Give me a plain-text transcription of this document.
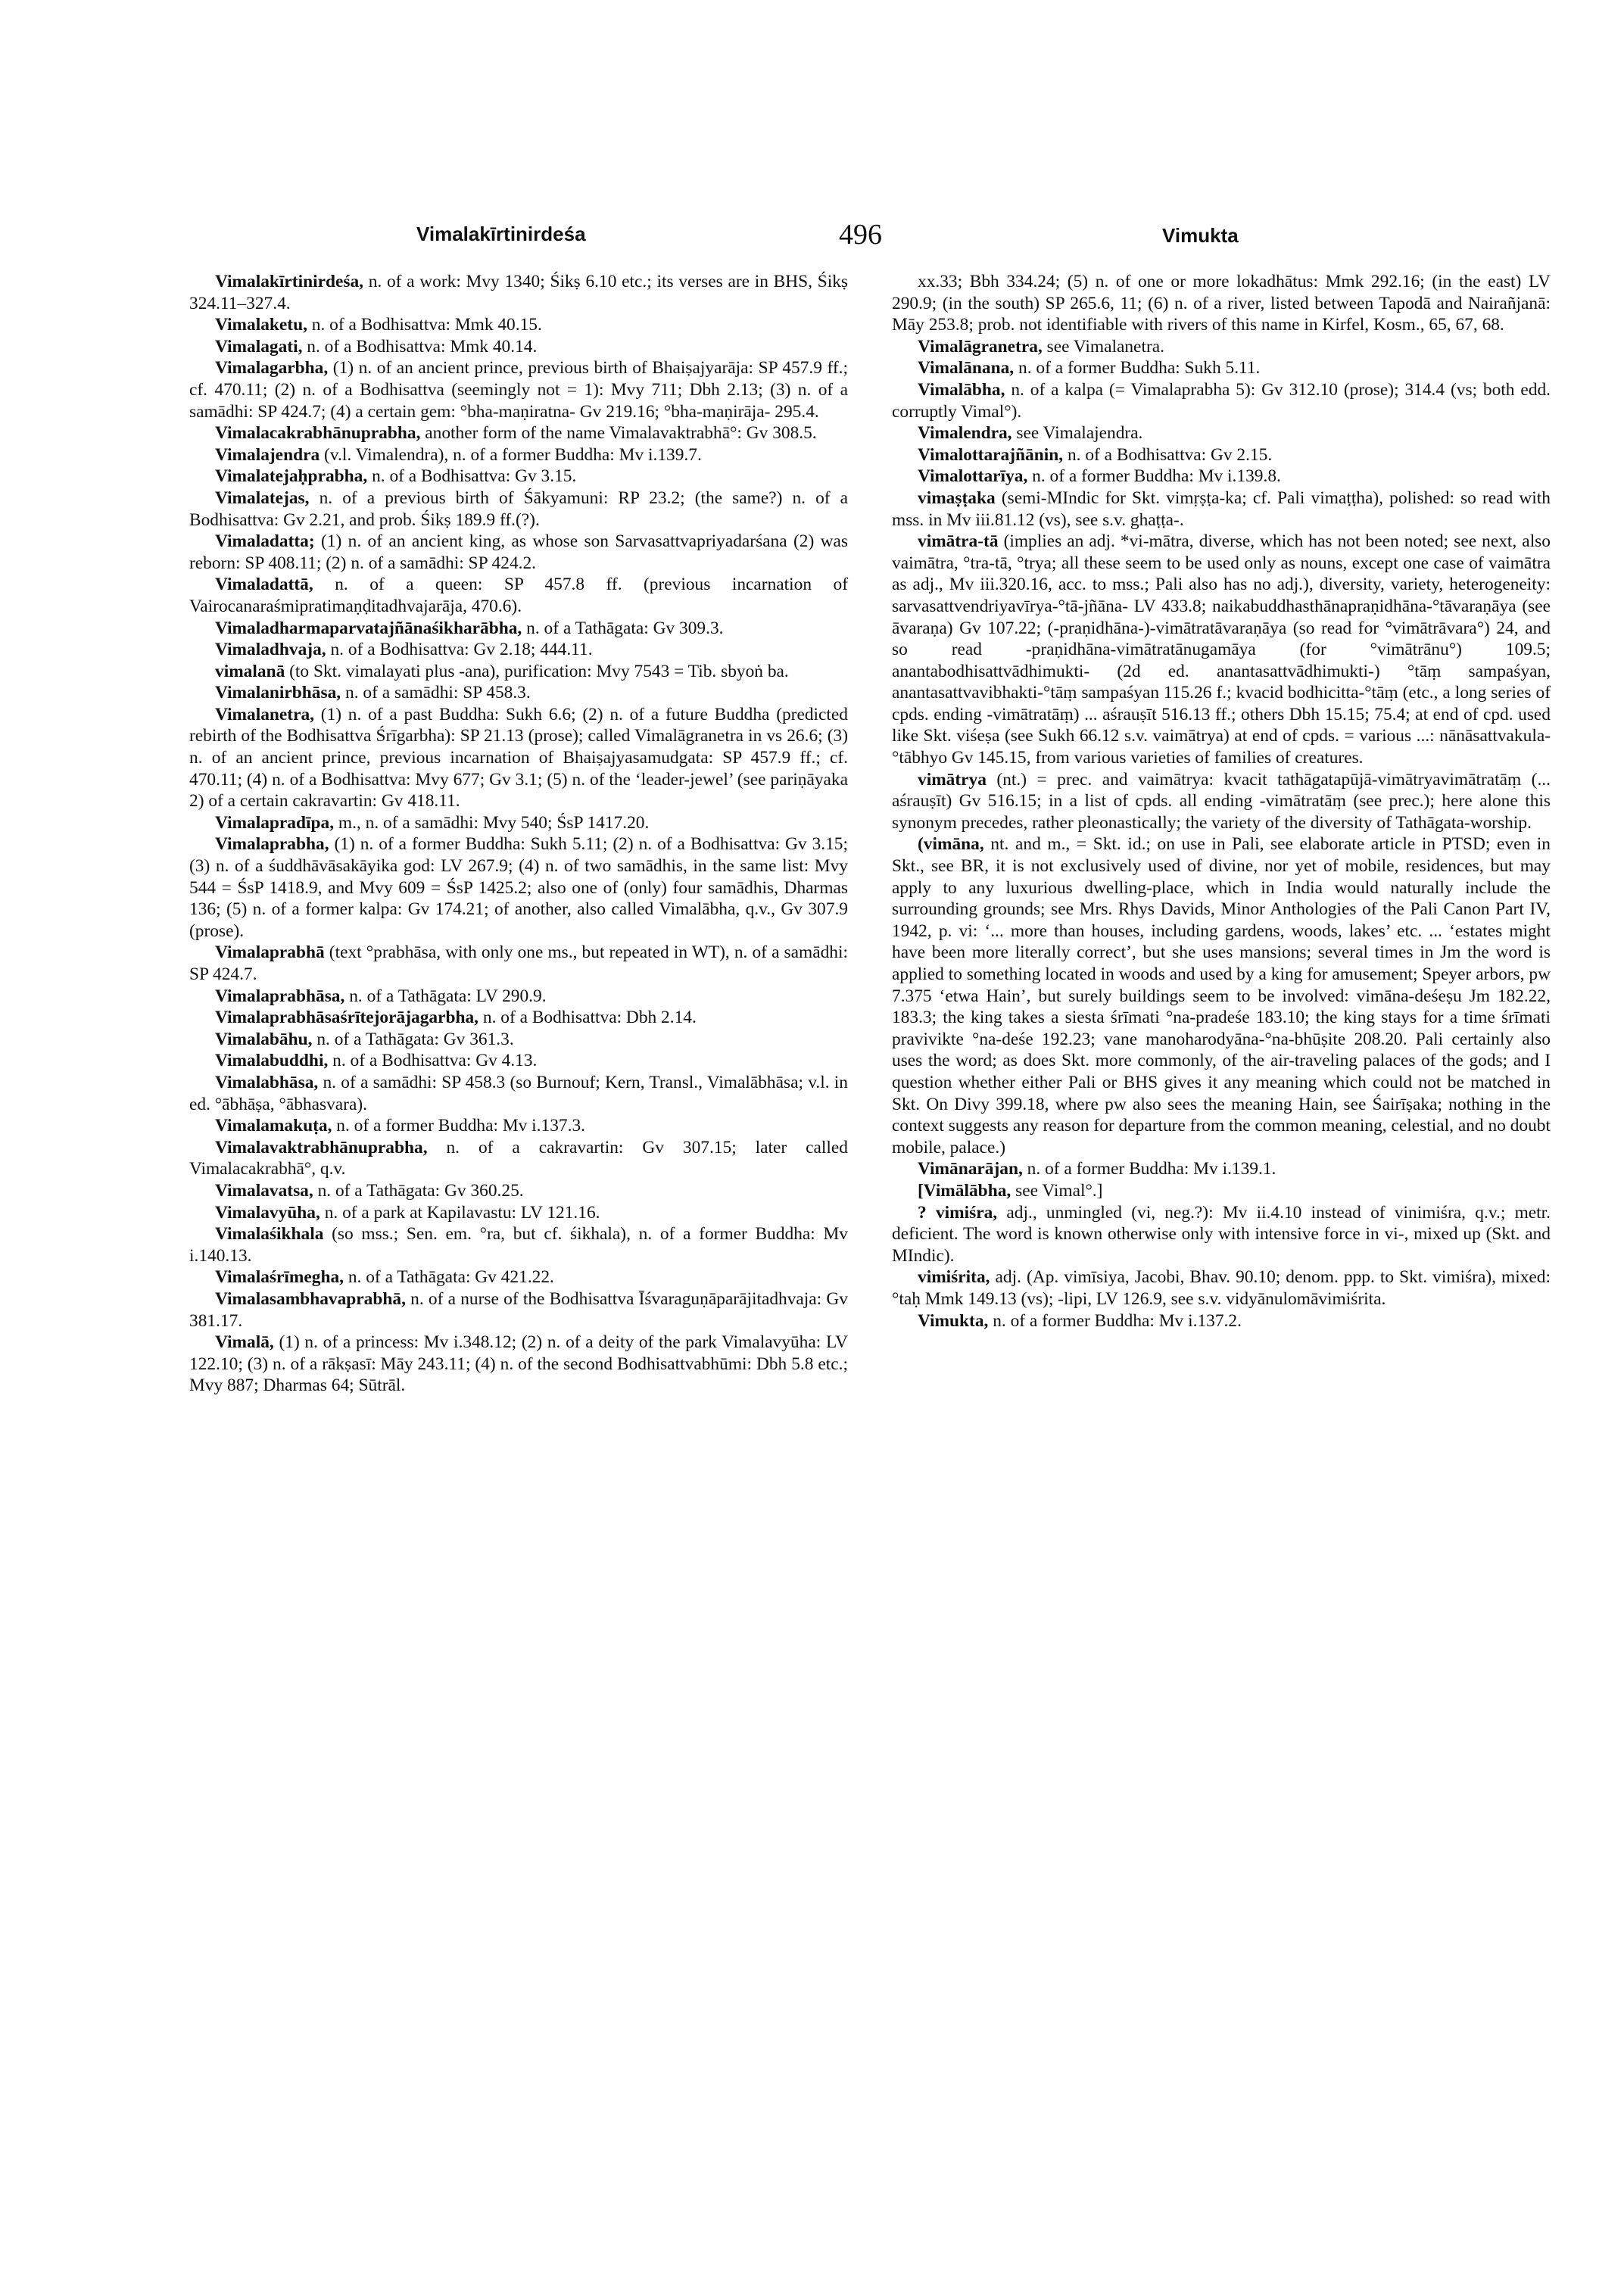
Vimalakīrtinirdeśa	496	Vimukta

Vimalakīrtinirdeśa, n. of a work: Mvy 1340; Śikṣ 6.10 etc.; its verses are in BHS, Śikṣ 324.11–327.4.

Vimalaketu, n. of a Bodhisattva: Mmk 40.15.

Vimalagati, n. of a Bodhisattva: Mmk 40.14.

Vimalagarbha, (1) n. of an ancient prince, previous birth of Bhaiṣajyarāja: SP 457.9 ff.; cf. 470.11; (2) n. of a Bodhisattva (seemingly not = 1): Mvy 711; Dbh 2.13; (3) n. of a samādhi: SP 424.7; (4) a certain gem: °bha-maṇiratna- Gv 219.16; °bha-maṇirāja- 295.4.

Vimalacakrabhānuprabha, another form of the name Vimalavaktrabhā°: Gv 308.5.

Vimalajendra (v.l. Vimalendra), n. of a former Buddha: Mv i.139.7.

Vimalatejaḥprabha, n. of a Bodhisattva: Gv 3.15.

Vimalatejas, n. of a previous birth of Śākyamuni: RP 23.2; (the same?) n. of a Bodhisattva: Gv 2.21, and prob. Śikṣ 189.9 ff.(?).

Vimaladatta; (1) n. of an ancient king, as whose son Sarvasattvapriyadarśana (2) was reborn: SP 408.11; (2) n. of a samādhi: SP 424.2.

Vimaladattā, n. of a queen: SP 457.8 ff. (previous incarnation of Vairocanaraśmipratimaṇḍitadhvajarāja, 470.6).

Vimaladharmaparvatajñānaśikharābha, n. of a Tathāgata: Gv 309.3.

Vimaladhvaja, n. of a Bodhisattva: Gv 2.18; 444.11.

vimalanā (to Skt. vimalayati plus -ana), purification: Mvy 7543 = Tib. sbyoṅ ba.

Vimalanirbhāsa, n. of a samādhi: SP 458.3.

Vimalanetra, (1) n. of a past Buddha: Sukh 6.6; (2) n. of a future Buddha (predicted rebirth of the Bodhisattva Śrīgarbha): SP 21.13 (prose); called Vimalāgranetra in vs 26.6; (3) n. of an ancient prince, previous incarnation of Bhaiṣajyasamudgata: SP 457.9 ff.; cf. 470.11; (4) n. of a Bodhisattva: Mvy 677; Gv 3.1; (5) n. of the ‘leader-jewel’ (see pariṇāyaka 2) of a certain cakravartin: Gv 418.11.

Vimalapradīpa, m., n. of a samādhi: Mvy 540; ŚsP 1417.20.

Vimalaprabha, (1) n. of a former Buddha: Sukh 5.11; (2) n. of a Bodhisattva: Gv 3.15; (3) n. of a śuddhāvāsakāyika god: LV 267.9; (4) n. of two samādhis, in the same list: Mvy 544 = ŚsP 1418.9, and Mvy 609 = ŚsP 1425.2; also one of (only) four samādhis, Dharmas 136; (5) n. of a former kalpa: Gv 174.21; of another, also called Vimalābha, q.v., Gv 307.9 (prose).

Vimalaprabhā (text °prabhāsa, with only one ms., but repeated in WT), n. of a samādhi: SP 424.7.

Vimalaprabhāsa, n. of a Tathāgata: LV 290.9.

Vimalaprabhāsaśrītejorājagarbha, n. of a Bodhisattva: Dbh 2.14.

Vimalabāhu, n. of a Tathāgata: Gv 361.3.

Vimalabuddhi, n. of a Bodhisattva: Gv 4.13.

Vimalabhāsa, n. of a samādhi: SP 458.3 (so Burnouf; Kern, Transl., Vimalābhāsa; v.l. in ed. °ābhāṣa, °ābhasvara).

Vimalamakuṭa, n. of a former Buddha: Mv i.137.3.

Vimalavaktrabhānuprabha, n. of a cakravartin: Gv 307.15; later called Vimalacakrabhā°, q.v.

Vimalavatsa, n. of a Tathāgata: Gv 360.25.

Vimalavyūha, n. of a park at Kapilavastu: LV 121.16.

Vimalaśikhala (so mss.; Sen. em. °ra, but cf. śikhala), n. of a former Buddha: Mv i.140.13.

Vimalaśrīmegha, n. of a Tathāgata: Gv 421.22.

Vimalasambhavaprabhā, n. of a nurse of the Bodhisattva Īśvaraguṇāparājitadhvaja: Gv 381.17.

Vimalā, (1) n. of a princess: Mv i.348.12; (2) n. of a deity of the park Vimalavyūha: LV 122.10; (3) n. of a rākṣasī: Māy 243.11; (4) n. of the second Bodhisattvabhūmi: Dbh 5.8 etc.; Mvy 887; Dharmas 64; Sūtrāl.

xx.33; Bbh 334.24; (5) n. of one or more lokadhātus: Mmk 292.16; (in the east) LV 290.9; (in the south) SP 265.6, 11; (6) n. of a river, listed between Tapodā and Nairañjanā: Māy 253.8; prob. not identifiable with rivers of this name in Kirfel, Kosm., 65, 67, 68.

Vimalāgranetra, see Vimalanetra.

Vimalānana, n. of a former Buddha: Sukh 5.11.

Vimalābha, n. of a kalpa (= Vimalaprabha 5): Gv 312.10 (prose); 314.4 (vs; both edd. corruptly Vimal°).

Vimalendra, see Vimalajendra.

Vimalottarajñānin, n. of a Bodhisattva: Gv 2.15.

Vimalottarīya, n. of a former Buddha: Mv i.139.8.

vimaṣṭaka (semi-MIndic for Skt. vimṛṣṭa-ka; cf. Pali vimaṭṭha), polished: so read with mss. in Mv iii.81.12 (vs), see s.v. ghaṭṭa-.

vimātra-tā (implies an adj. *vi-mātra, diverse, which has not been noted; see next, also vaimātra, °tra-tā, °trya; all these seem to be used only as nouns, except one case of vaimātra as adj., Mv iii.320.16, acc. to mss.; Pali also has no adj.), diversity, variety, heterogeneity: sarvasattvendriyavīrya-°tā-jñāna- LV 433.8; naikabuddhasthānapraṇidhāna-°tāvaraṇāya (see āvaraṇa) Gv 107.22; (-praṇidhāna-)-vimātratāvaraṇāya (so read for °vimātrāvara°) 24, and so read -praṇidhāna-vimātratānugamāya (for °vimātrānu°) 109.5; anantabodhisattvādhimukti- (2d ed. anantasattvādhimukti-) °tāṃ sampaśyan, anantasattvavibhakti-°tāṃ sampaśyan 115.26 f.; kvacid bodhicitta-°tāṃ (etc., a long series of cpds. ending -vimātratāṃ) ... aśrauṣīt 516.13 ff.; others Dbh 15.15; 75.4; at end of cpd. used like Skt. viśeṣa (see Sukh 66.12 s.v. vaimātrya) at end of cpds. = various ...: nānāsattvakula-°tābhyo Gv 145.15, from various varieties of families of creatures.

vimātrya (nt.) = prec. and vaimātrya: kvacit tathāgatapūjā-vimātryavimātratāṃ (... aśrauṣīt) Gv 516.15; in a list of cpds. all ending -vimātratāṃ (see prec.); here alone this synonym precedes, rather pleonastically; the variety of the diversity of Tathāgata-worship.

(vimāna, nt. and m., = Skt. id.; on use in Pali, see elaborate article in PTSD; even in Skt., see BR, it is not exclusively used of divine, nor yet of mobile, residences, but may apply to any luxurious dwelling-place, which in India would naturally include the surrounding grounds; see Mrs. Rhys Davids, Minor Anthologies of the Pali Canon Part IV, 1942, p. vi: ‘... more than houses, including gardens, woods, lakes’ etc. ... ‘estates might have been more literally correct’, but she uses mansions; several times in Jm the word is applied to something located in woods and used by a king for amusement; Speyer arbors, pw 7.375 ‘etwa Hain’, but surely buildings seem to be involved: vimāna-deśeṣu Jm 182.22, 183.3; the king takes a siesta śrīmati °na-pradeśe 183.10; the king stays for a time śrīmati pravivikte °na-deśe 192.23; vane manoharodyāna-°na-bhūṣite 208.20. Pali certainly also uses the word; as does Skt. more commonly, of the air-traveling palaces of the gods; and I question whether either Pali or BHS gives it any meaning which could not be matched in Skt. On Divy 399.18, where pw also sees the meaning Hain, see Śairīṣaka; nothing in the context suggests any reason for departure from the common meaning, celestial, and no doubt mobile, palace.)

Vimānarājan, n. of a former Buddha: Mv i.139.1.

[Vimālābha, see Vimal°.]

? vimiśra, adj., unmingled (vi, neg.?): Mv ii.4.10 instead of vinimiśra, q.v.; metr. deficient. The word is known otherwise only with intensive force in vi-, mixed up (Skt. and MIndic).

vimiśrita, adj. (Ap. vimīsiya, Jacobi, Bhav. 90.10; denom. ppp. to Skt. vimiśra), mixed: °taḥ Mmk 149.13 (vs); -lipi, LV 126.9, see s.v. vidyānulomāvimiśrita.

Vimukta, n. of a former Buddha: Mv i.137.2.
